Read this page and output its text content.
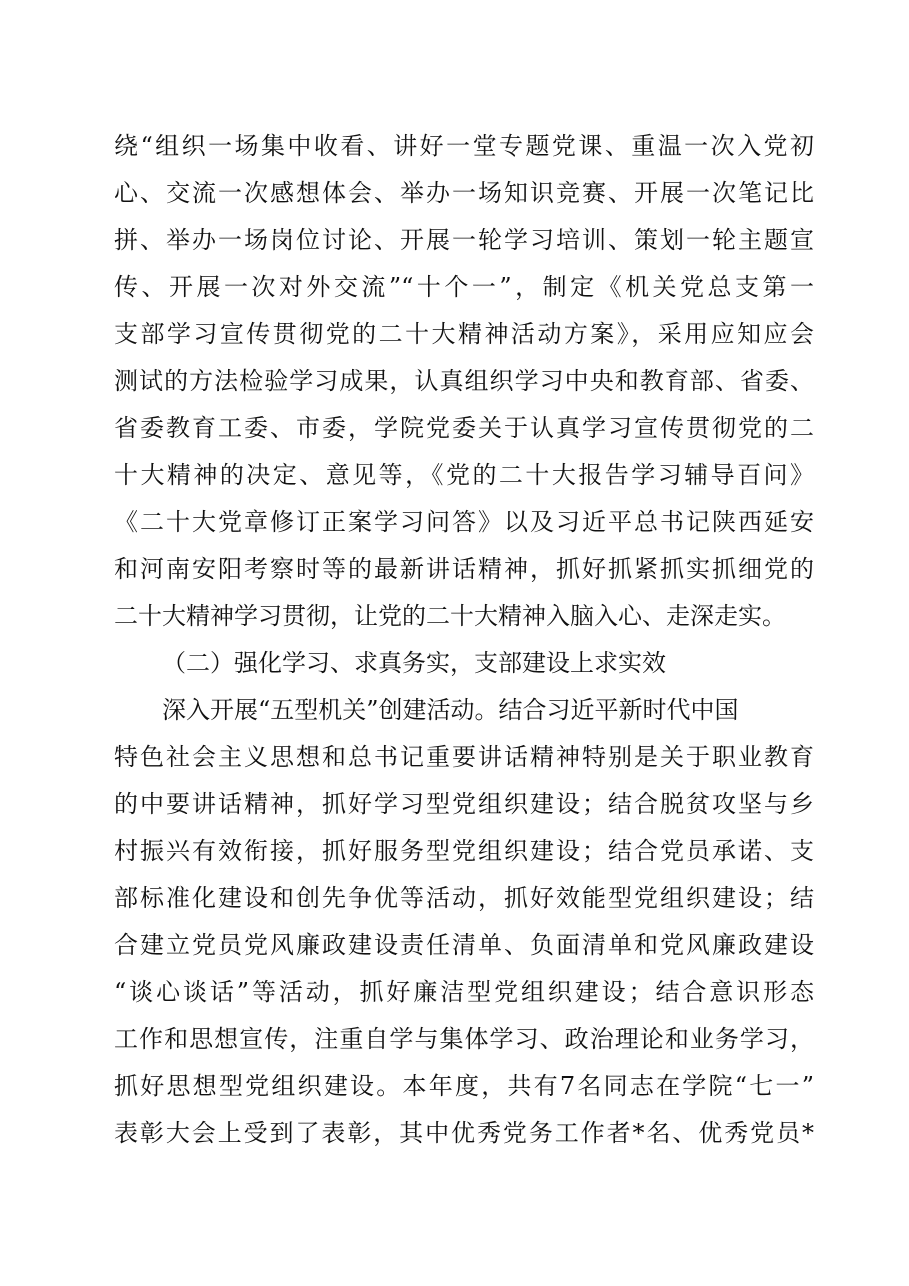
绕“组织一场集中收看、讲好一堂专题党课、重温一次入党初
心、交流一次感想体会、举办一场知识竞赛、开展一次笔记比
拼、举办一场岗位讨论、开展一轮学习培训、策划一轮主题宣
传、开展一次对外交流”“十个一”，制定《机关党总支第一
支部学习宣传贯彻党的二十大精神活动方案》，采用应知应会
测试的方法检验学习成果，认真组织学习中央和教育部、省委、
省委教育工委、市委，学院党委关于认真学习宣传贯彻党的二
十大精神的决定、意见等，《党的二十大报告学习辅导百问》
《二十大党章修订正案学习问答》以及习近平总书记陕西延安
和河南安阳考察时等的最新讲话精神，抓好抓紧抓实抓细党的
二十大精神学习贯彻，让党的二十大精神入脑入心、走深走实。
（二）强化学习、求真务实，支部建设上求实效
深入开展“五型机关”创建活动。结合习近平新时代中国
特色社会主义思想和总书记重要讲话精神特别是关于职业教育
的中要讲话精神，抓好学习型党组织建设；结合脱贫攻坚与乡
村振兴有效衔接，抓好服务型党组织建设；结合党员承诺、支
部标准化建设和创先争优等活动，抓好效能型党组织建设；结
合建立党员党风廉政建设责任清单、负面清单和党风廉政建设
“谈心谈话”等活动，抓好廉洁型党组织建设；结合意识形态
工作和思想宣传，注重自学与集体学习、政治理论和业务学习，
抓好思想型党组织建设。本年度，共有7名同志在学院“七一”
表彰大会上受到了表彰，其中优秀党务工作者*名、优秀党员*
